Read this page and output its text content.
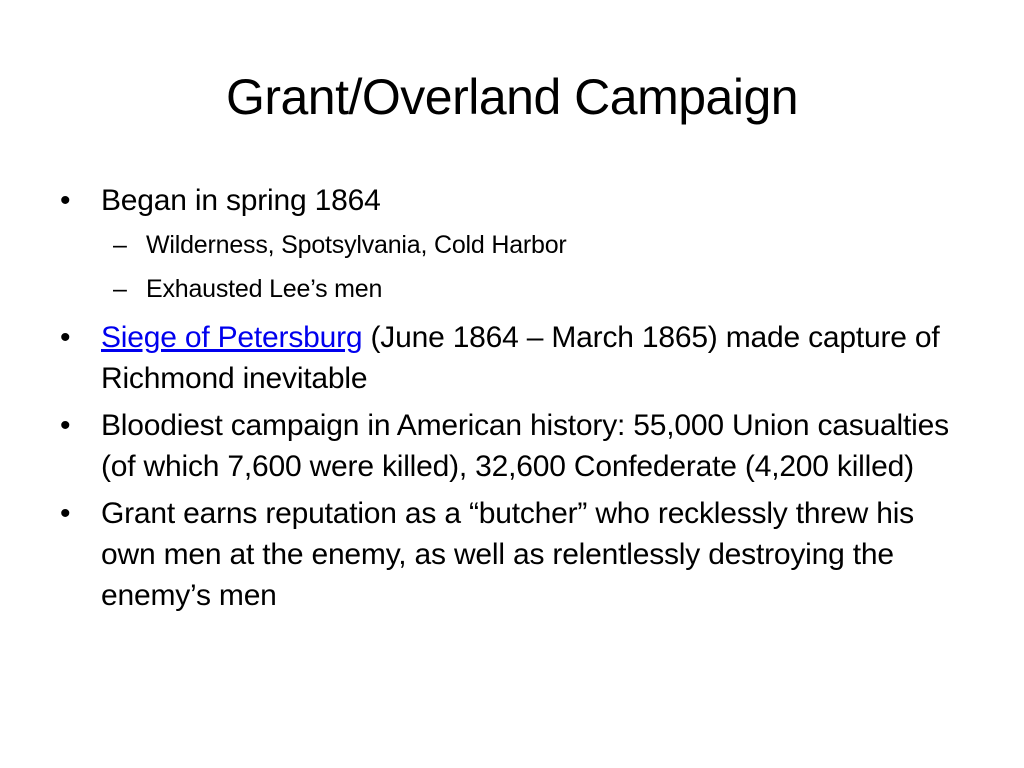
Grant/Overland Campaign
•	Began in spring 1864
– Wilderness, Spotsylvania, Cold Harbor
– Exhausted Lee’s men
•	Siege of Petersburg (June 1864 – March 1865) made capture of Richmond inevitable
•	Bloodiest campaign in American history: 55,000 Union casualties (of which 7,600 were killed), 32,600 Confederate (4,200 killed)
•	Grant earns reputation as a “butcher” who recklessly threw his own men at the enemy, as well as relentlessly destroying the enemy’s men
